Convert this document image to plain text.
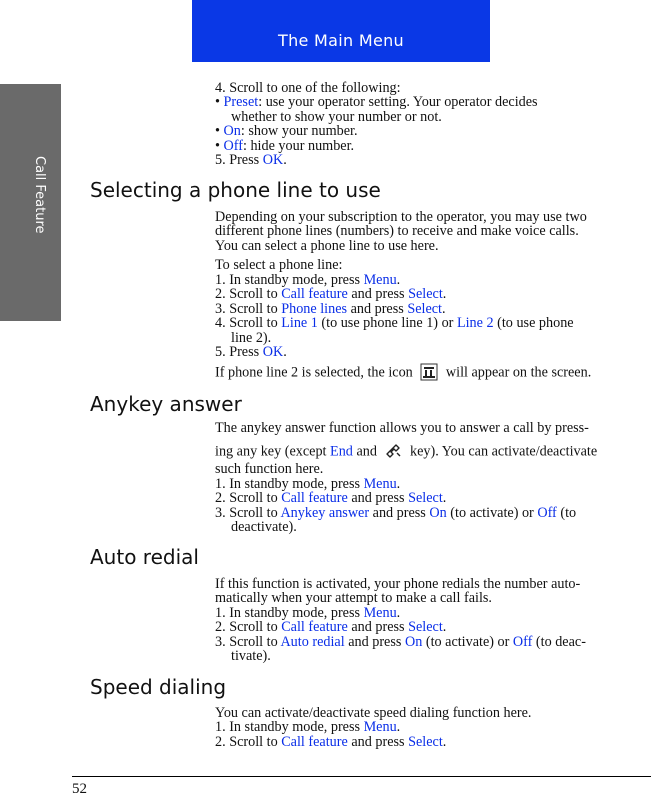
The Main Menu
Call Feature
4. Scroll to one of the following:
• Preset: use your operator setting. Your operator decides
whether to show your number or not.
• On: show your number.
• Off: hide your number.
5. Press OK.
Selecting a phone line to use
Depending on your subscription to the operator, you may use two
different phone lines (numbers) to receive and make voice calls.
You can select a phone line to use here.
To select a phone line:
1. In standby mode, press Menu.
2. Scroll to Call feature and press Select.
3. Scroll to Phone lines and press Select.
4. Scroll to Line 1 (to use phone line 1) or Line 2 (to use phone
line 2).
5. Press OK.
If phone line 2 is selected, the icon will appear on the screen.
Anykey answer
The anykey answer function allows you to answer a call by press-
ing any key (except End and key). You can activate/deactivate
such function here.
1. In standby mode, press Menu.
2. Scroll to Call feature and press Select.
3. Scroll to Anykey answer and press On (to activate) or Off (to
deactivate).
Auto redial
If this function is activated, your phone redials the number auto-
matically when your attempt to make a call fails.
1. In standby mode, press Menu.
2. Scroll to Call feature and press Select.
3. Scroll to Auto redial and press On (to activate) or Off (to deac-
tivate).
Speed dialing
You can activate/deactivate speed dialing function here.
1. In standby mode, press Menu.
2. Scroll to Call feature and press Select.
52
